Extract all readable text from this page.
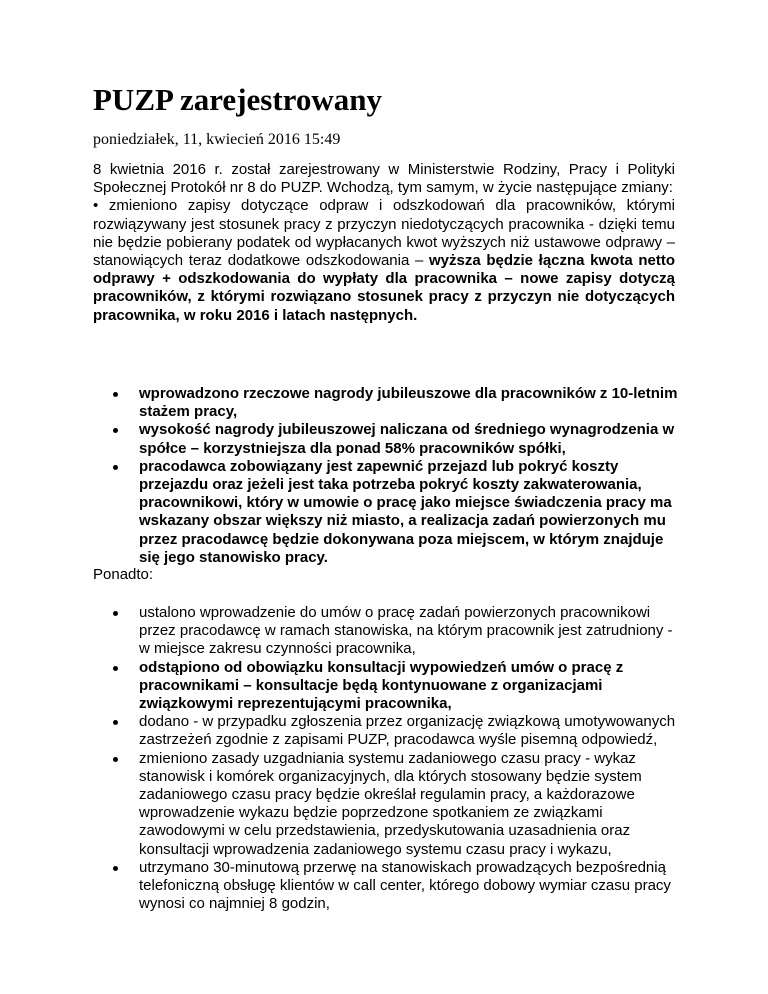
PUZP zarejestrowany

poniedziałek, 11, kwiecień 2016 15:49

8 kwietnia 2016 r. został zarejestrowany w Ministerstwie Rodziny, Pracy i Polityki Społecznej Protokół nr 8 do PUZP. Wchodzą, tym samym, w życie następujące zmiany:
• zmieniono zapisy dotyczące odpraw i odszkodowań dla pracowników, którymi rozwiązywany jest stosunek pracy z przyczyn niedotyczących pracownika - dzięki temu nie będzie pobierany podatek od wypłacanych kwot wyższych niż ustawowe odprawy – stanowiących teraz dodatkowe odszkodowania – wyższa będzie łączna kwota netto odprawy + odszkodowania do wypłaty dla pracownika – nowe zapisy dotyczą pracowników, z którymi rozwiązano stosunek pracy z przyczyn nie dotyczących pracownika, w roku 2016 i latach następnych.

wprowadzono rzeczowe nagrody jubileuszowe dla pracowników z 10-letnim stażem pracy,
wysokość nagrody jubileuszowej naliczana od średniego wynagrodzenia w spółce – korzystniejsza dla ponad 58% pracowników spółki,
pracodawca zobowiązany jest zapewnić przejazd lub pokryć koszty przejazdu oraz jeżeli jest taka potrzeba pokryć koszty zakwaterowania, pracownikowi, który w umowie o pracę jako miejsce świadczenia pracy ma wskazany obszar większy niż miasto, a realizacja zadań powierzonych mu przez pracodawcę będzie dokonywana poza miejscem, w którym znajduje się jego stanowisko pracy.

Ponadto:

ustalono wprowadzenie do umów o pracę zadań powierzonych pracownikowi przez pracodawcę w ramach stanowiska, na którym pracownik jest zatrudniony - w miejsce zakresu czynności pracownika,
odstąpiono od obowiązku konsultacji wypowiedzeń umów o pracę z pracownikami – konsultacje będą kontynuowane z organizacjami związkowymi reprezentującymi pracownika,
dodano - w przypadku zgłoszenia przez organizację związkową umotywowanych zastrzeżeń zgodnie z zapisami PUZP, pracodawca wyśle pisemną odpowiedź,
zmieniono zasady uzgadniania systemu zadaniowego czasu pracy - wykaz stanowisk i komórek organizacyjnych, dla których stosowany będzie system zadaniowego czasu pracy będzie określał regulamin pracy, a każdorazowe wprowadzenie wykazu będzie poprzedzone spotkaniem ze związkami zawodowymi w celu przedstawienia, przedyskutowania uzasadnienia oraz konsultacji wprowadzenia zadaniowego systemu czasu pracy i wykazu,
utrzymano 30-minutową przerwę na stanowiskach prowadzących bezpośrednią telefoniczną obsługę klientów w call center, którego dobowy wymiar czasu pracy wynosi co najmniej 8 godzin,
